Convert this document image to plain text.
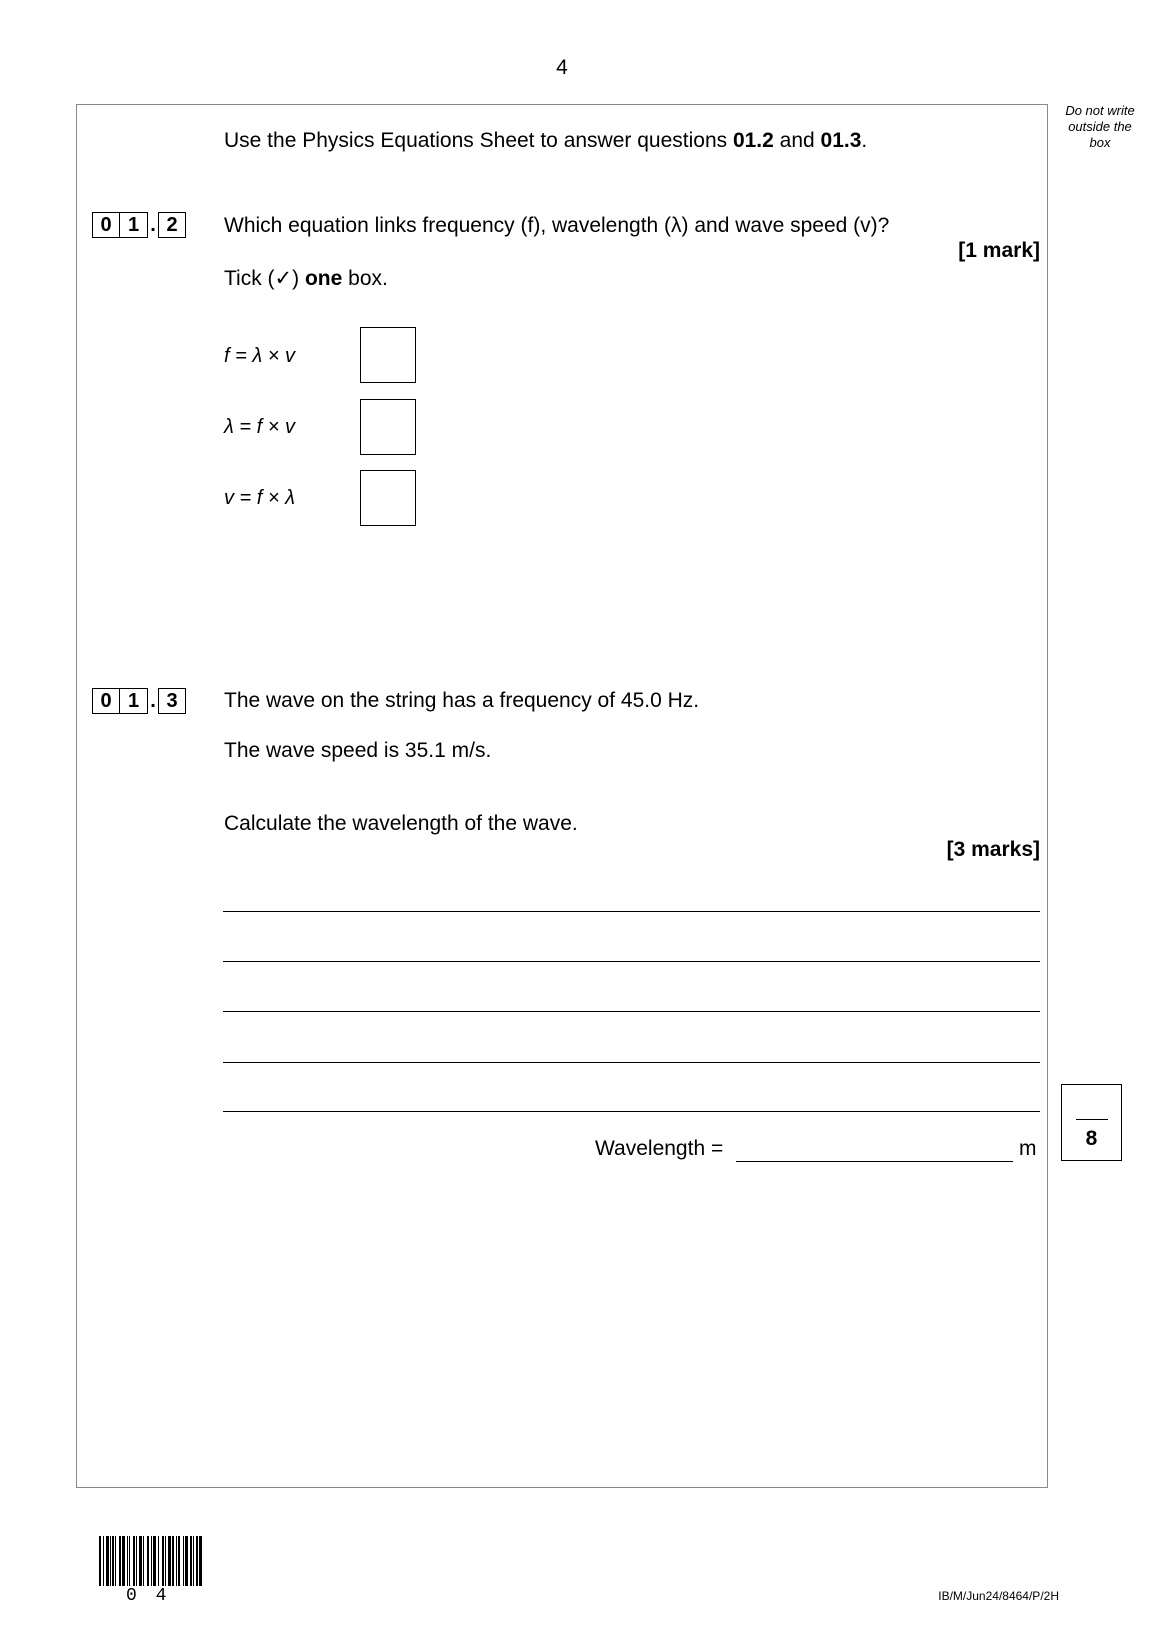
4
Do not write outside the box
Use the Physics Equations Sheet to answer questions 01.2 and 01.3.
0 1 . 2	Which equation links frequency (f), wavelength (λ) and wave speed (v)?
[1 mark]
Tick (✓) one box.
f = λ × v
λ = f × v
v = f × λ
0 1 . 3	The wave on the string has a frequency of 45.0 Hz.
The wave speed is 35.1 m/s.
Calculate the wavelength of the wave.
[3 marks]
Wavelength =	m	8
0 4	IB/M/Jun24/8464/P/2H
